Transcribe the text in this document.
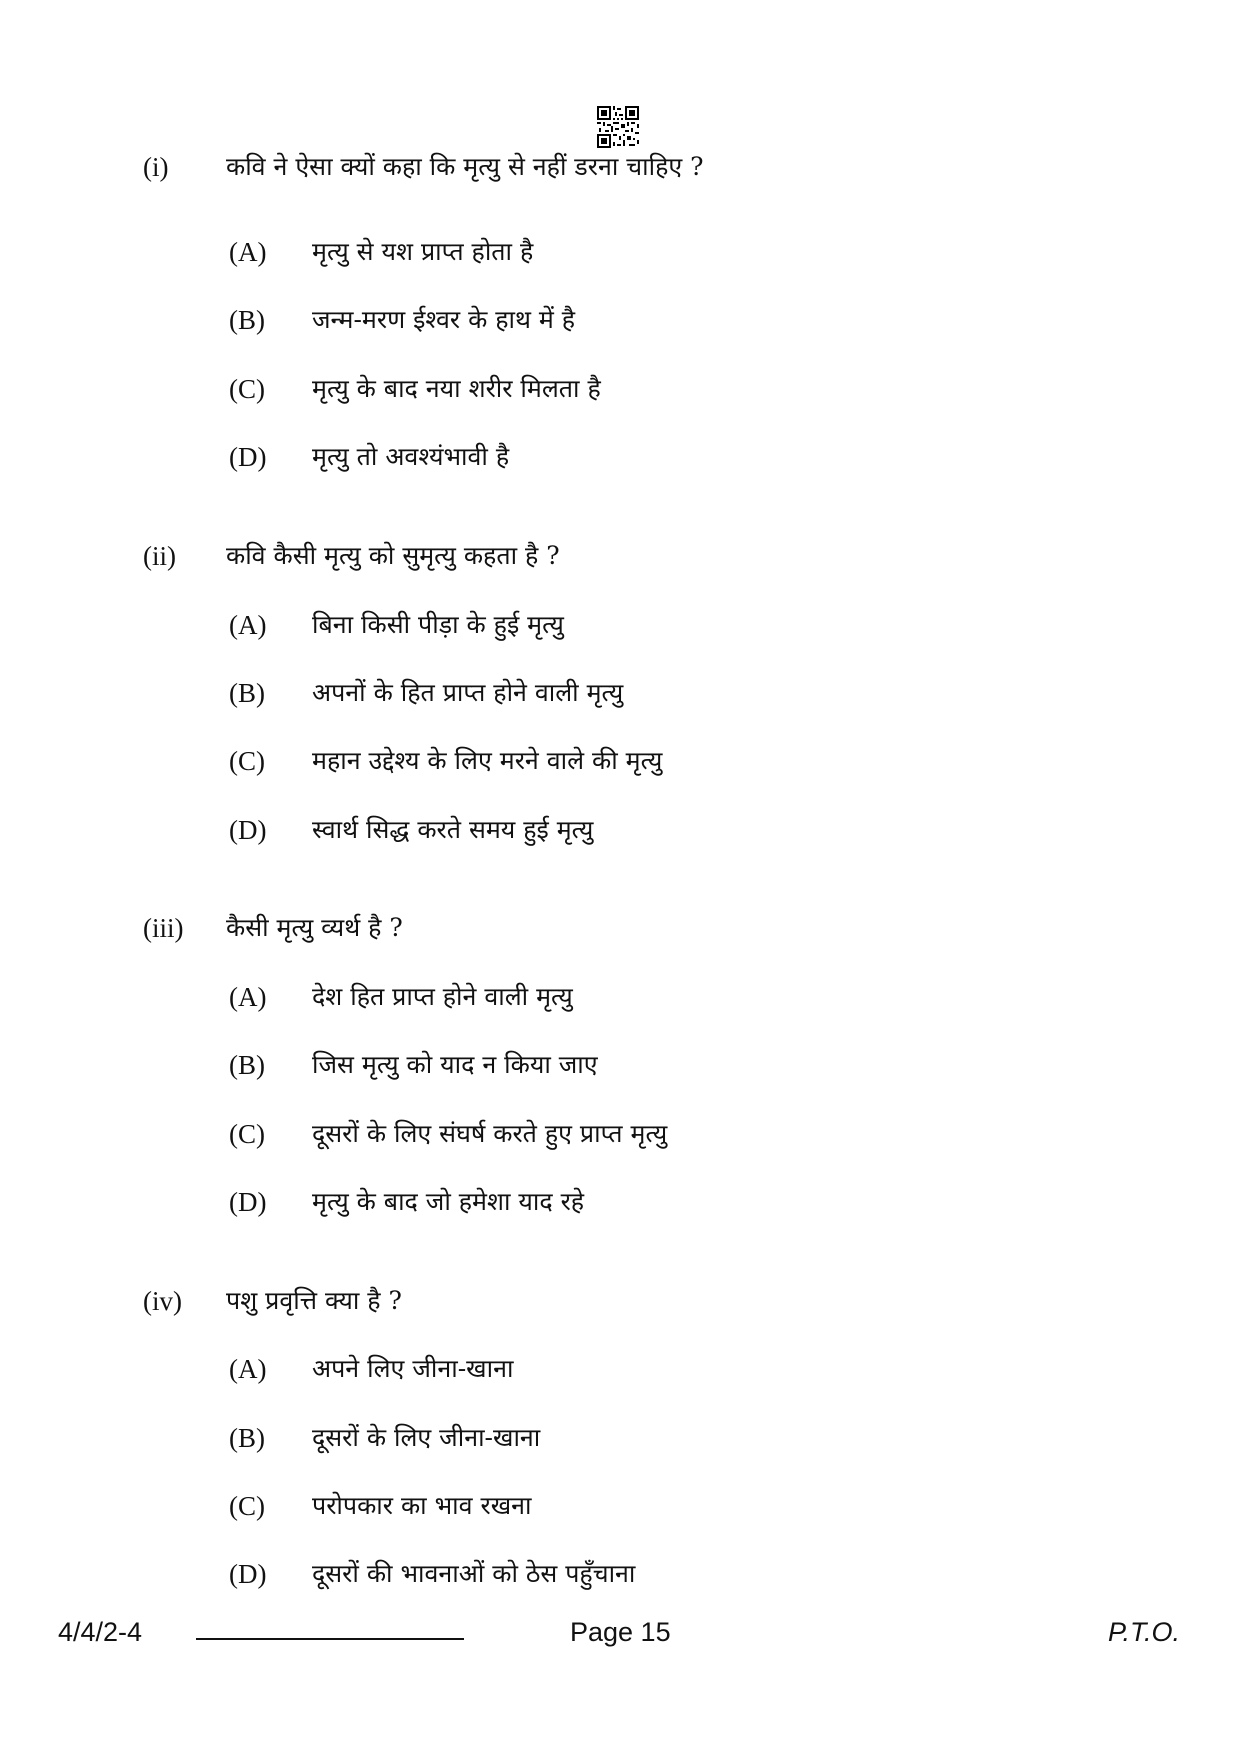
(i) कवि ने ऐसा क्यों कहा कि मृत्यु से नहीं डरना चाहिए ?
(A) मृत्यु से यश प्राप्त होता है
(B) जन्म-मरण ईश्वर के हाथ में है
(C) मृत्यु के बाद नया शरीर मिलता है
(D) मृत्यु तो अवश्यंभावी है
(ii) कवि कैसी मृत्यु को सुमृत्यु कहता है ?
(A) बिना किसी पीड़ा के हुई मृत्यु
(B) अपनों के हित प्राप्त होने वाली मृत्यु
(C) महान उद्देश्य के लिए मरने वाले की मृत्यु
(D) स्वार्थ सिद्ध करते समय हुई मृत्यु
(iii) कैसी मृत्यु व्यर्थ है ?
(A) देश हित प्राप्त होने वाली मृत्यु
(B) जिस मृत्यु को याद न किया जाए
(C) दूसरों के लिए संघर्ष करते हुए प्राप्त मृत्यु
(D) मृत्यु के बाद जो हमेशा याद रहे
(iv) पशु प्रवृत्ति क्या है ?
(A) अपने लिए जीना-खाना
(B) दूसरों के लिए जीना-खाना
(C) परोपकार का भाव रखना
(D) दूसरों की भावनाओं को ठेस पहुँचाना
4/4/2-4	Page 15	P.T.O.
